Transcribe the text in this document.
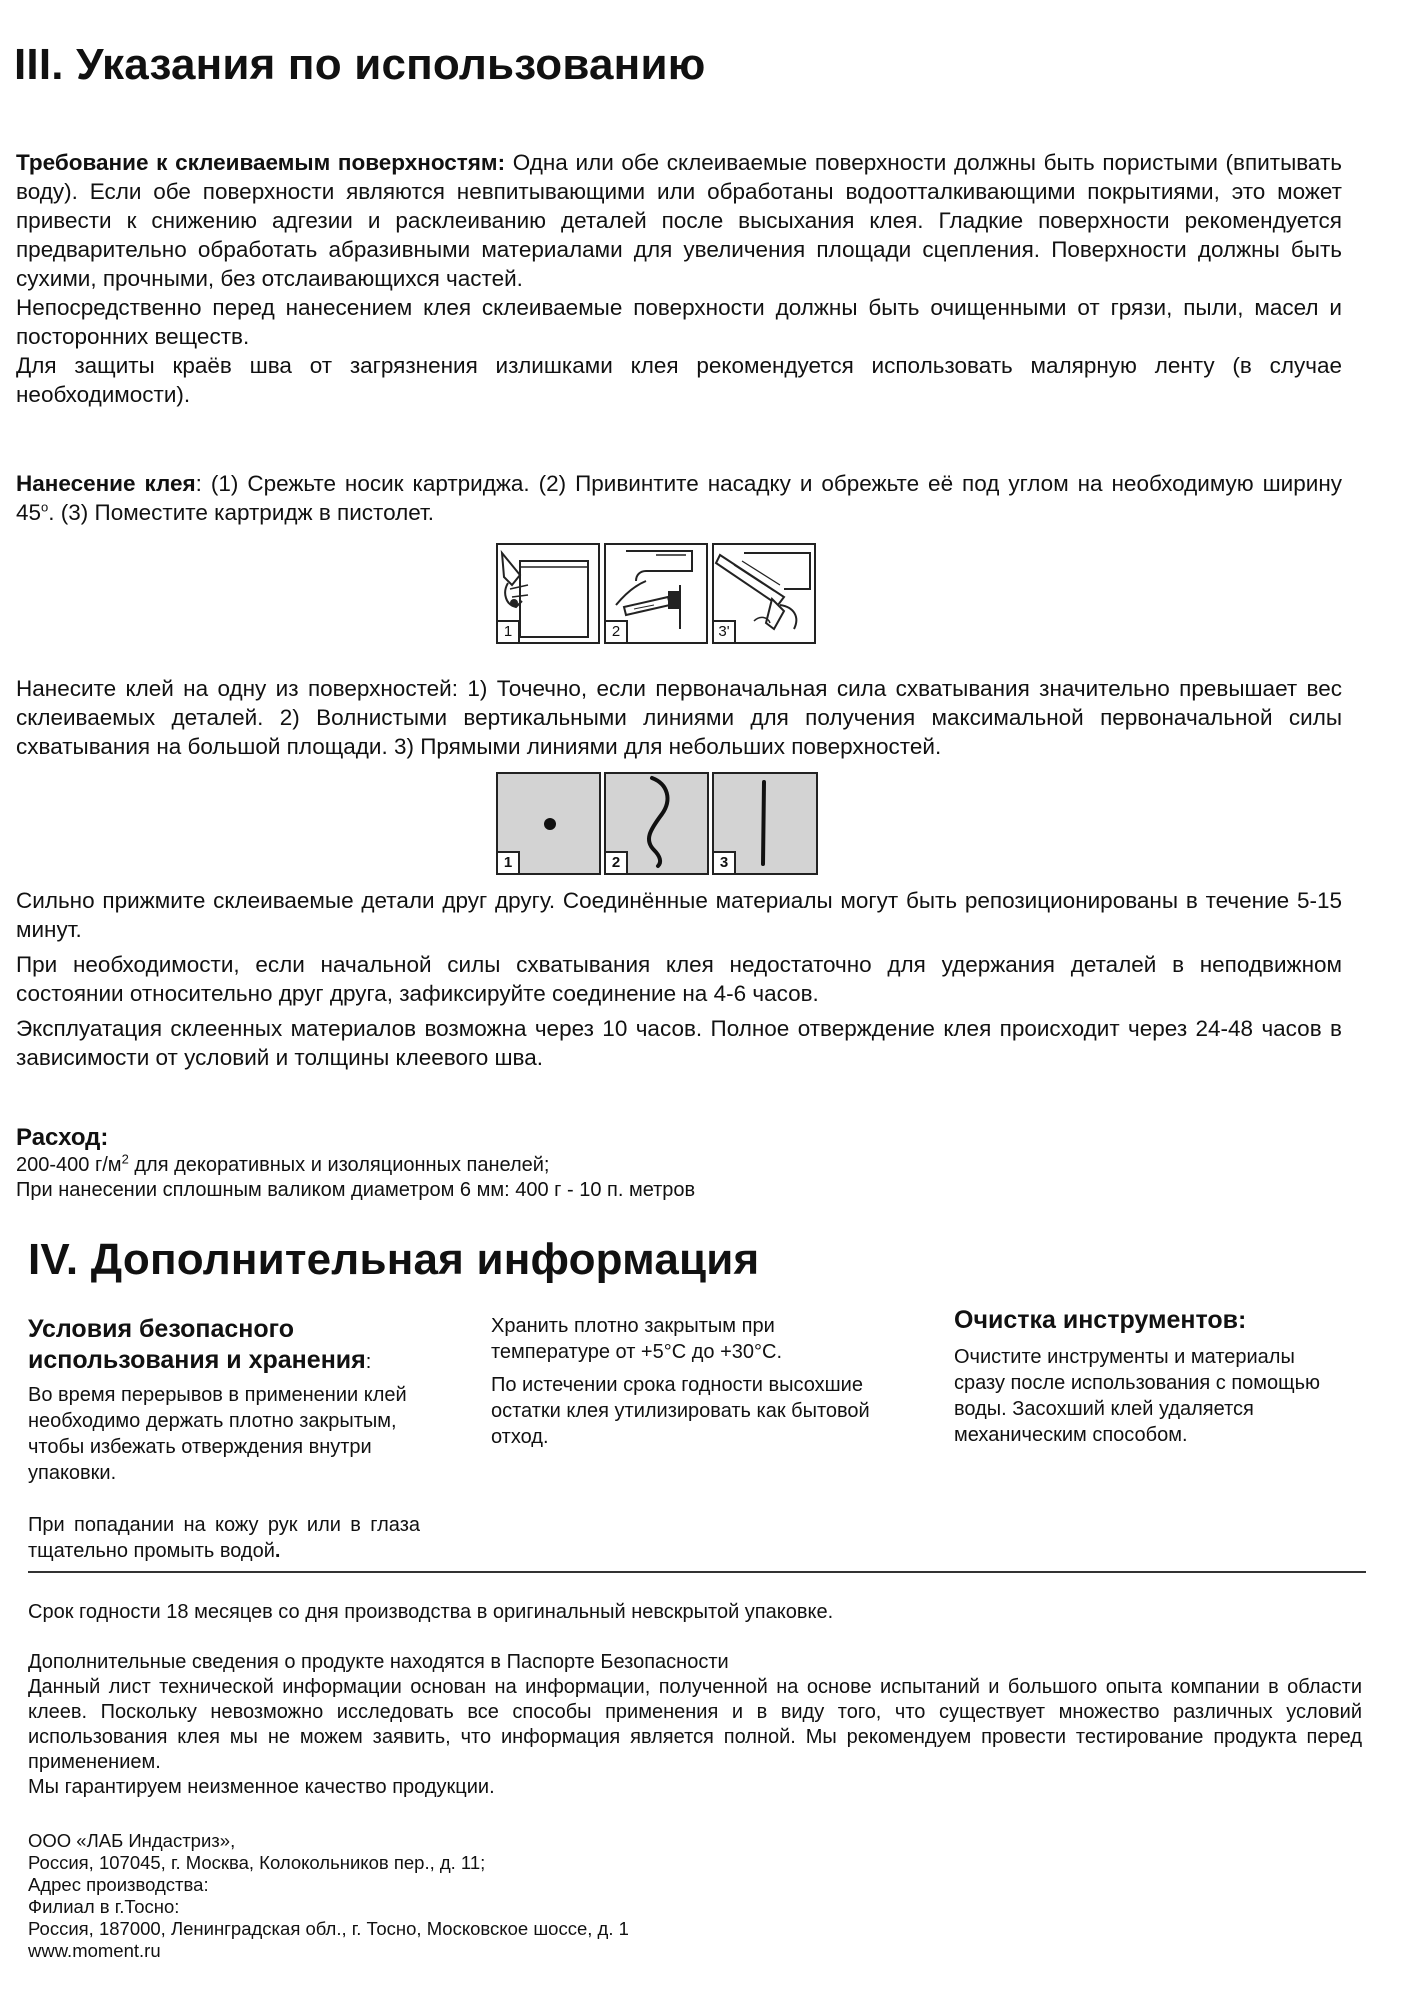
III. Указания по использованию

Требование к склеиваемым поверхностям: Одна или обе склеиваемые поверхности должны быть пористыми (впитывать воду). Если обе поверхности являются невпитывающими или обработаны водоотталкивающими покрытиями, это может привести к снижению адгезии и расклеиванию деталей после высыхания клея. Гладкие поверхности рекомендуется предварительно обработать абразивными материалами для увеличения площади сцепления. Поверхности должны быть сухими, прочными, без отслаивающихся частей.

Непосредственно перед нанесением клея склеиваемые поверхности должны быть очищенными от грязи, пыли, масел и посторонних веществ.

Для защиты краёв шва от загрязнения излишками клея рекомендуется использовать малярную ленту (в случае необходимости).

Нанесение клея: (1) Срежьте носик картриджа. (2) Привинтите насадку и обрежьте её под углом на необходимую ширину 45$^o$. (3) Поместите картридж в пистолет.

1	2	3'

Нанесите клей на одну из поверхностей: 1) Точечно, если первоначальная сила схватывания значительно превышает вес склеиваемых деталей. 2) Волнистыми вертикальными линиями для получения максимальной первоначальной силы схватывания на большой площади. 3) Прямыми линиями для небольших поверхностей.

1	2	3

Сильно прижмите склеиваемые детали друг другу. Соединённые материалы могут быть репозиционированы в течение 5-15 минут.

При необходимости, если начальной силы схватывания клея недостаточно для удержания деталей в неподвижном состоянии относительно друг друга, зафиксируйте соединение на 4-6 часов.

Эксплуатация склеенных материалов возможна через 10 часов. Полное отверждение клея происходит через 24-48 часов в зависимости от условий и толщины клеевого шва.

Расход:
200-400 $г/м^2$ для декоративных и изоляционных панелей;
При нанесении сплошным валиком диаметром 6 мм: 400 г - 10 п. метров
IV. Дополнительная информация
Условия безопасного
использования и хранения:

Во время перерывов в применении клей необходимо держать плотно закрытым, чтобы избежать отверждения внутри упаковки.

При попадании на кожу рук или в глаза тщательно промыть водой.

Хранить плотно закрытым при температуре от +5°C до +30°C.

По истечении срока годности высохшие остатки клея утилизировать как бытовой отход.

Очистка инструментов:

Очистите инструменты и материалы сразу после использования с помощью воды. Засохший клей удаляется механическим способом.

Срок годности 18 месяцев со дня производства в оригинальный невскрытой упаковке.

Дополнительные сведения о продукте находятся в Паспорте Безопасности

Данный лист технической информации основан на информации, полученной на основе испытаний и большого опыта компании в области клеев. Поскольку невозможно исследовать все способы применения и в виду того, что существует множество различных условий использования клея мы не можем заявить, что информация является полной. Мы рекомендуем провести тестирование продукта перед применением.

Мы гарантируем неизменное качество продукции.

ООО «ЛАБ Индастриз»,

Россия, 107045, г. Москва, Колокольников пер., д. 11;

Адрес производства:

Филиал в г.Тосно:

Россия, 187000, Ленинградская обл., г. Тосно, Московское шоссе, д. 1

www.moment.ru
